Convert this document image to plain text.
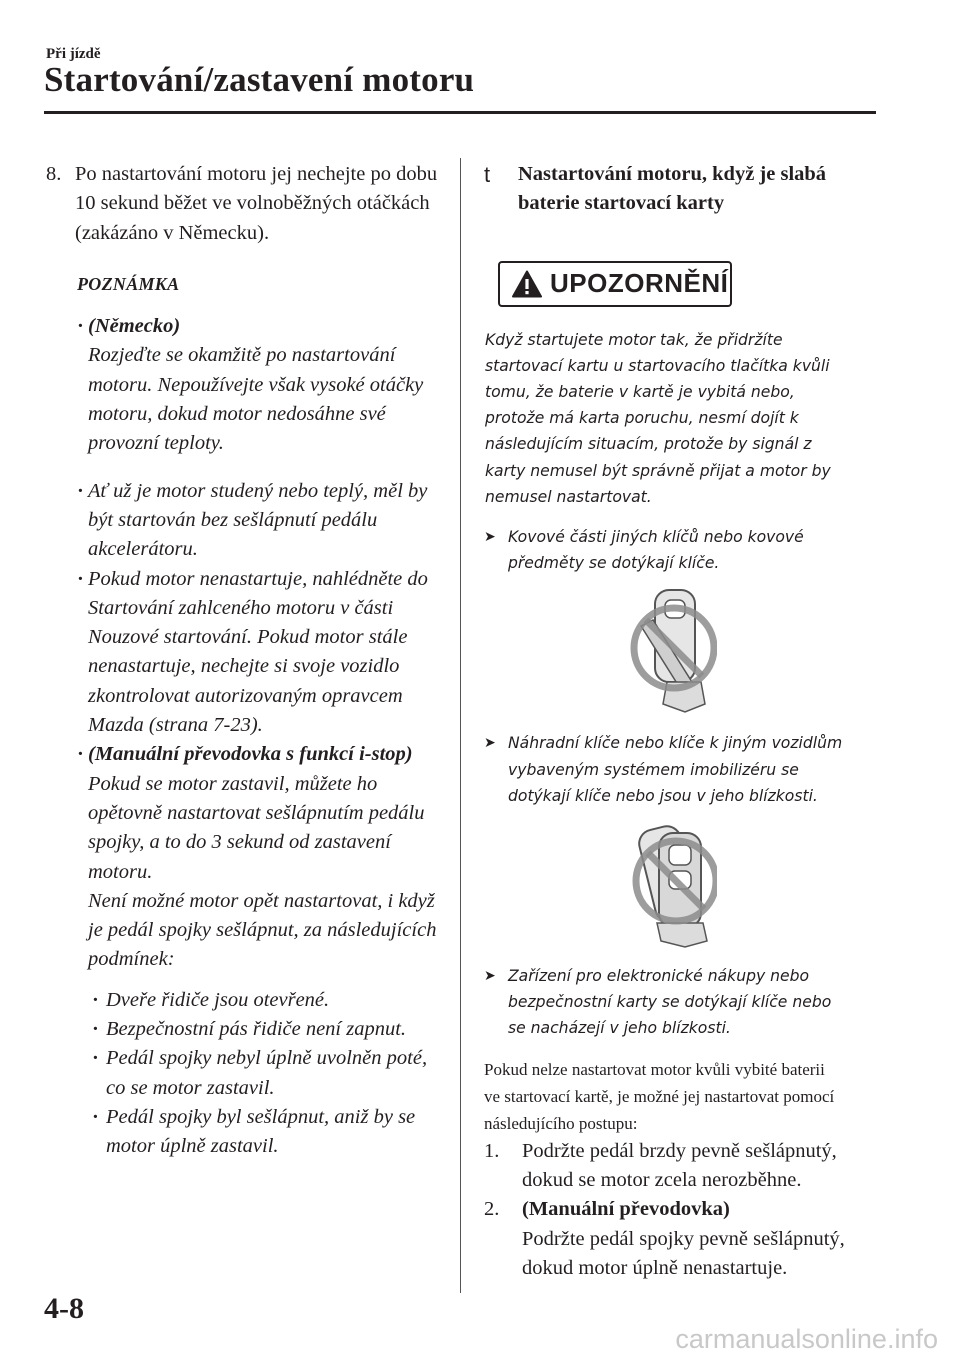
Při jízdě
Startování/zastavení motoru
8. Po nastartování motoru jej nechejte po dobu 10 sekund běžet ve volnoběžných otáčkách (zakázáno v Německu).
POZNÁMKA
· (Německo)
Rozjeďte se okamžitě po nastartování motoru. Nepoužívejte však vysoké otáčky motoru, dokud motor nedosáhne své provozní teploty.
· Ať už je motor studený nebo teplý, měl by být startován bez sešlápnutí pedálu akcelerátoru.
· Pokud motor nenastartuje, nahlédněte do Startování zahlceného motoru v části Nouzové startování. Pokud motor stále nenastartuje, nechejte si svoje vozidlo zkontrolovat autorizovaným opravcem Mazda (strana 7-23).
· (Manuální převodovka s funkcí i-stop)
Pokud se motor zastavil, můžete ho opětovně nastartovat sešlápnutím pedálu spojky, a to do 3 sekund od zastavení motoru.
Není možné motor opět nastartovat, i když je pedál spojky sešlápnut, za následujících podmínek:
· Dveře řidiče jsou otevřené.
· Bezpečnostní pás řidiče není zapnut.
· Pedál spojky nebyl úplně uvolněn poté, co se motor zastavil.
· Pedál spojky byl sešlápnut, aniž by se motor úplně zastavil.
t	Nastartování motoru, když je slabá baterie startovací karty
UPOZORNĚNÍ
Když startujete motor tak, že přidržíte startovací kartu u startovacího tlačítka kvůli tomu, že baterie v kartě je vybitá nebo, protože má karta poruchu, nesmí dojít k následujícím situacím, protože by signál z karty nemusel být správně přijat a motor by nemusel nastartovat.
➤ Kovové části jiných klíčů nebo kovové předměty se dotýkají klíče.
➤ Náhradní klíče nebo klíče k jiným vozidlům vybaveným systémem imobilizéru se dotýkají klíče nebo jsou v jeho blízkosti.
➤ Zařízení pro elektronické nákupy nebo bezpečnostní karty se dotýkají klíče nebo se nacházejí v jeho blízkosti.
Pokud nelze nastartovat motor kvůli vybité baterii ve startovací kartě, je možné jej nastartovat pomocí následujícího postupu:
1.	Podržte pedál brzdy pevně sešlápnutý, dokud se motor zcela nerozběhne.
2.	(Manuální převodovka)
Podržte pedál spojky pevně sešlápnutý, dokud motor úplně nenastartuje.
4-8
carmanualsonline.info
